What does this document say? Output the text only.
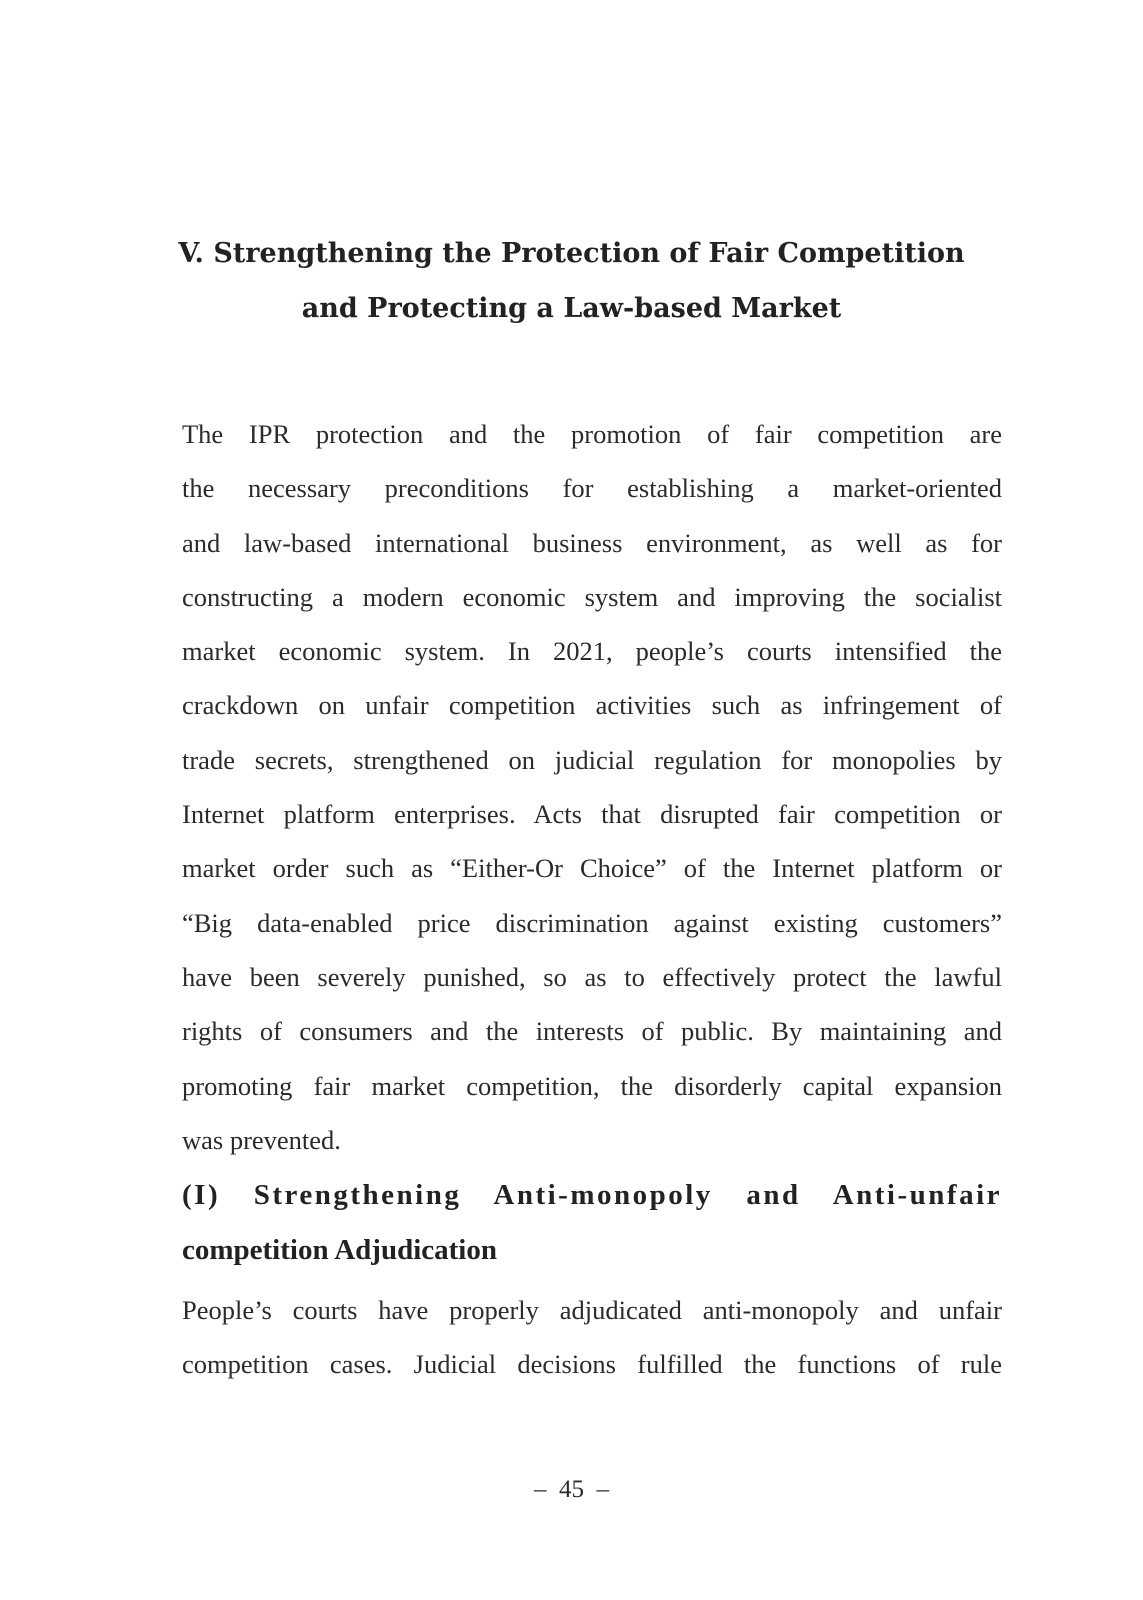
V. Strengthening the Protection of Fair Competition
and Protecting a Law-based Market

The IPR protection and the promotion of fair competition are
the necessary preconditions for establishing a market-oriented
and law-based international business environment, as well as for
constructing a modern economic system and improving the socialist
market economic system. In 2021, people’s courts intensified the
crackdown on unfair competition activities such as infringement of
trade secrets, strengthened on judicial regulation for monopolies by
Internet platform enterprises. Acts that disrupted fair competition or
market order such as “Either-Or Choice” of the Internet platform or
“Big data-enabled price discrimination against existing customers”
have been severely punished, so as to effectively protect the lawful
rights of consumers and the interests of public. By maintaining and
promoting fair market competition, the disorderly capital expansion
was prevented.

(I) Strengthening Anti-monopoly and Anti-unfair
competition Adjudication

People’s courts have properly adjudicated anti-monopoly and unfair
competition cases. Judicial decisions fulfilled the functions of rule

–  45  –
